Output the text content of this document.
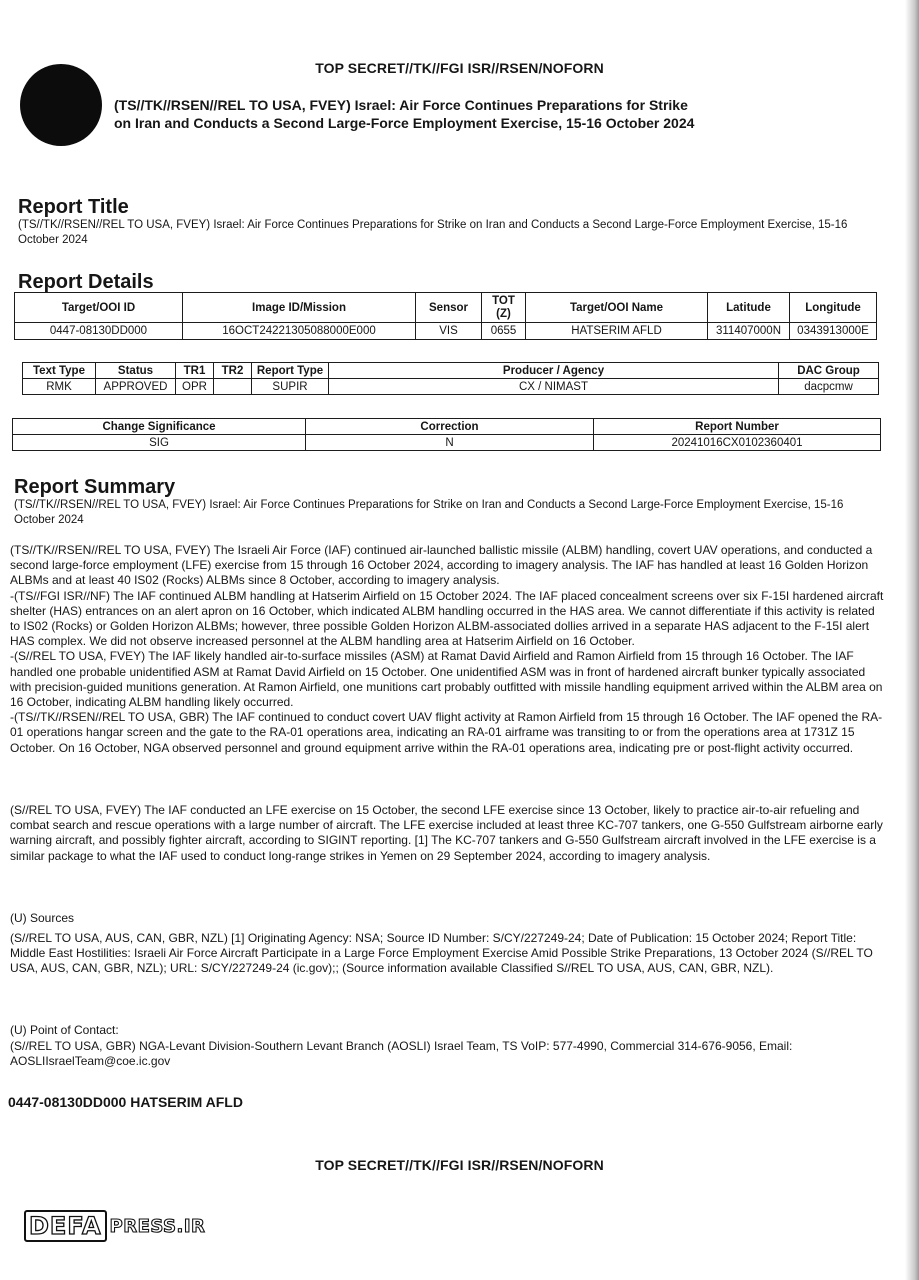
TOP SECRET//TK//FGI ISR//RSEN/NOFORN
(TS//TK//RSEN//REL TO USA, FVEY) Israel: Air Force Continues Preparations for Strike
on Iran and Conducts a Second Large-Force Employment Exercise, 15-16 October 2024
Report Title
(TS//TK//RSEN//REL TO USA, FVEY) Israel: Air Force Continues Preparations for Strike on Iran and Conducts a Second Large-Force Employment Exercise, 15-16 October 2024
Report Details
Target/OOI ID	Image ID/Mission	Sensor	TOT (Z)	Target/OOI Name	Latitude	Longitude
0447-08130DD000	16OCT24221305088000E000	VIS	0655	HATSERIM AFLD	311407000N	0343913000E
Text Type	Status	TR1	TR2	Report Type	Producer / Agency	DAC Group
RMK	APPROVED	OPR		SUPIR	CX / NIMAST	dacpcmw
Change Significance	Correction	Report Number
SIG	N	20241016CX0102360401
Report Summary
(TS//TK//RSEN//REL TO USA, FVEY) Israel: Air Force Continues Preparations for Strike on Iran and Conducts a Second Large-Force Employment Exercise, 15-16 October 2024

(TS//TK//RSEN//REL TO USA, FVEY) The Israeli Air Force (IAF) continued air-launched ballistic missile (ALBM) handling, covert UAV operations, and conducted a second large-force employment (LFE) exercise from 15 through 16 October 2024, according to imagery analysis. The IAF has handled at least 16 Golden Horizon ALBMs and at least 40 IS02 (Rocks) ALBMs since 8 October, according to imagery analysis.

-(TS//FGI ISR//NF) The IAF continued ALBM handling at Hatserim Airfield on 15 October 2024. The IAF placed concealment screens over six F-15I hardened aircraft shelter (HAS) entrances on an alert apron on 16 October, which indicated ALBM handling occurred in the HAS area. We cannot differentiate if this activity is related to IS02 (Rocks) or Golden Horizon ALBMs; however, three possible Golden Horizon ALBM-associated dollies arrived in a separate HAS adjacent to the F-15I alert HAS complex. We did not observe increased personnel at the ALBM handling area at Hatserim Airfield on 16 October.

-(S//REL TO USA, FVEY) The IAF likely handled air-to-surface missiles (ASM) at Ramat David Airfield and Ramon Airfield from 15 through 16 October. The IAF handled one probable unidentified ASM at Ramat David Airfield on 15 October. One unidentified ASM was in front of hardened aircraft bunker typically associated with precision-guided munitions generation. At Ramon Airfield, one munitions cart probably outfitted with missile handling equipment arrived within the ALBM area on 16 October, indicating ALBM handling likely occurred.

-(TS//TK//RSEN//REL TO USA, GBR) The IAF continued to conduct covert UAV flight activity at Ramon Airfield from 15 through 16 October. The IAF opened the RA-01 operations hangar screen and the gate to the RA-01 operations area, indicating an RA-01 airframe was transiting to or from the operations area at 1731Z 15 October. On 16 October, NGA observed personnel and ground equipment arrive within the RA-01 operations area, indicating pre or post-flight activity occurred.

(S//REL TO USA, FVEY) The IAF conducted an LFE exercise on 15 October, the second LFE exercise since 13 October, likely to practice air-to-air refueling and combat search and rescue operations with a large number of aircraft. The LFE exercise included at least three KC-707 tankers, one G-550 Gulfstream airborne early warning aircraft, and possibly fighter aircraft, according to SIGINT reporting. [1] The KC-707 tankers and G-550 Gulfstream aircraft involved in the LFE exercise is a similar package to what the IAF used to conduct long-range strikes in Yemen on 29 September 2024, according to imagery analysis.

(U) Sources
(S//REL TO USA, AUS, CAN, GBR, NZL) [1] Originating Agency: NSA; Source ID Number: S/CY/227249-24; Date of Publication: 15 October 2024; Report Title: Middle East Hostilities: Israeli Air Force Aircraft Participate in a Large Force Employment Exercise Amid Possible Strike Preparations, 13 October 2024 (S//REL TO USA, AUS, CAN, GBR, NZL); URL: S/CY/227249-24 (ic.gov);; (Source information available Classified S//REL TO USA, AUS, CAN, GBR, NZL).
(U) Point of Contact:
(S//REL TO USA, GBR) NGA-Levant Division-Southern Levant Branch (AOSLI) Israel Team, TS VoIP: 577-4990, Commercial 314-676-9056, Email: AOSLIIsraelTeam@coe.ic.gov
0447-08130DD000 HATSERIM AFLD
TOP SECRET//TK//FGI ISR//RSEN/NOFORN
DEFA PRESS.IR
